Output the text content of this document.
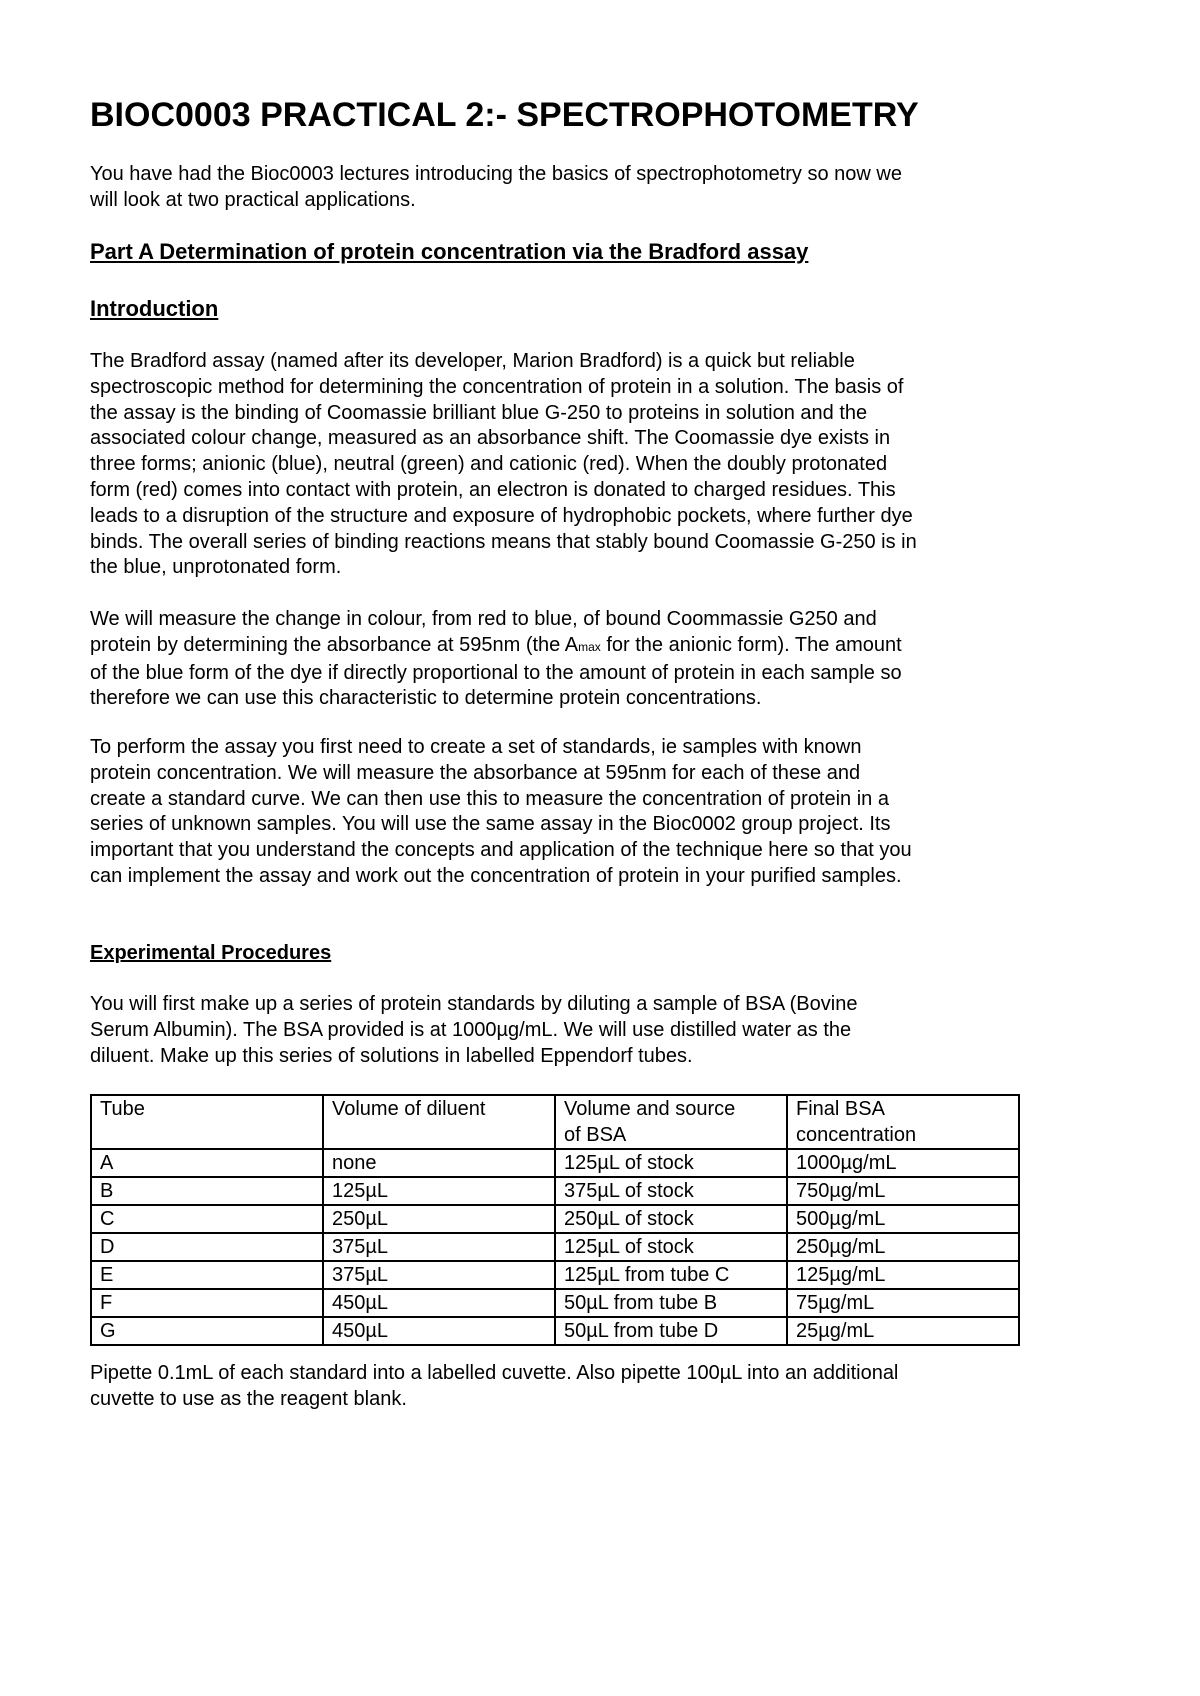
BIOC0003 PRACTICAL 2:- SPECTROPHOTOMETRY
You have had the Bioc0003 lectures introducing the basics of spectrophotometry so now we
will look at two practical applications.
Part A Determination of protein concentration via the Bradford assay
Introduction
The Bradford assay (named after its developer, Marion Bradford) is a quick but reliable
spectroscopic method for determining the concentration of protein in a solution. The basis of
the assay is the binding of Coomassie brilliant blue G-250 to proteins in solution and the
associated colour change, measured as an absorbance shift. The Coomassie dye exists in
three forms; anionic (blue), neutral (green) and cationic (red). When the doubly protonated
form (red) comes into contact with protein, an electron is donated to charged residues. This
leads to a disruption of the structure and exposure of hydrophobic pockets, where further dye
binds. The overall series of binding reactions means that stably bound Coomassie G-250 is in
the blue, unprotonated form.
We will measure the change in colour, from red to blue, of bound Coommassie G250 and
protein by determining the absorbance at 595nm (the Amax for the anionic form). The amount
of the blue form of the dye if directly proportional to the amount of protein in each sample so
therefore we can use this characteristic to determine protein concentrations.
To perform the assay you first need to create a set of standards, ie samples with known
protein concentration. We will measure the absorbance at 595nm for each of these and
create a standard curve. We can then use this to measure the concentration of protein in a
series of unknown samples. You will use the same assay in the Bioc0002 group project. Its
important that you understand the concepts and application of the technique here so that you
can implement the assay and work out the concentration of protein in your purified samples.
Experimental Procedures
You will first make up a series of protein standards by diluting a sample of BSA (Bovine
Serum Albumin). The BSA provided is at 1000µg/mL. We will use distilled water as the
diluent. Make up this series of solutions in labelled Eppendorf tubes.
Tube	Volume of diluent	Volume and source of BSA	Final BSA concentration
A	none	125µL of stock	1000µg/mL
B	125µL	375µL of stock	750µg/mL
C	250µL	250µL of stock	500µg/mL
D	375µL	125µL of stock	250µg/mL
E	375µL	125µL from tube C	125µg/mL
F	450µL	50µL from tube B	75µg/mL
G	450µL	50µL from tube D	25µg/mL
Pipette 0.1mL of each standard into a labelled cuvette. Also pipette 100µL into an additional
cuvette to use as the reagent blank.
